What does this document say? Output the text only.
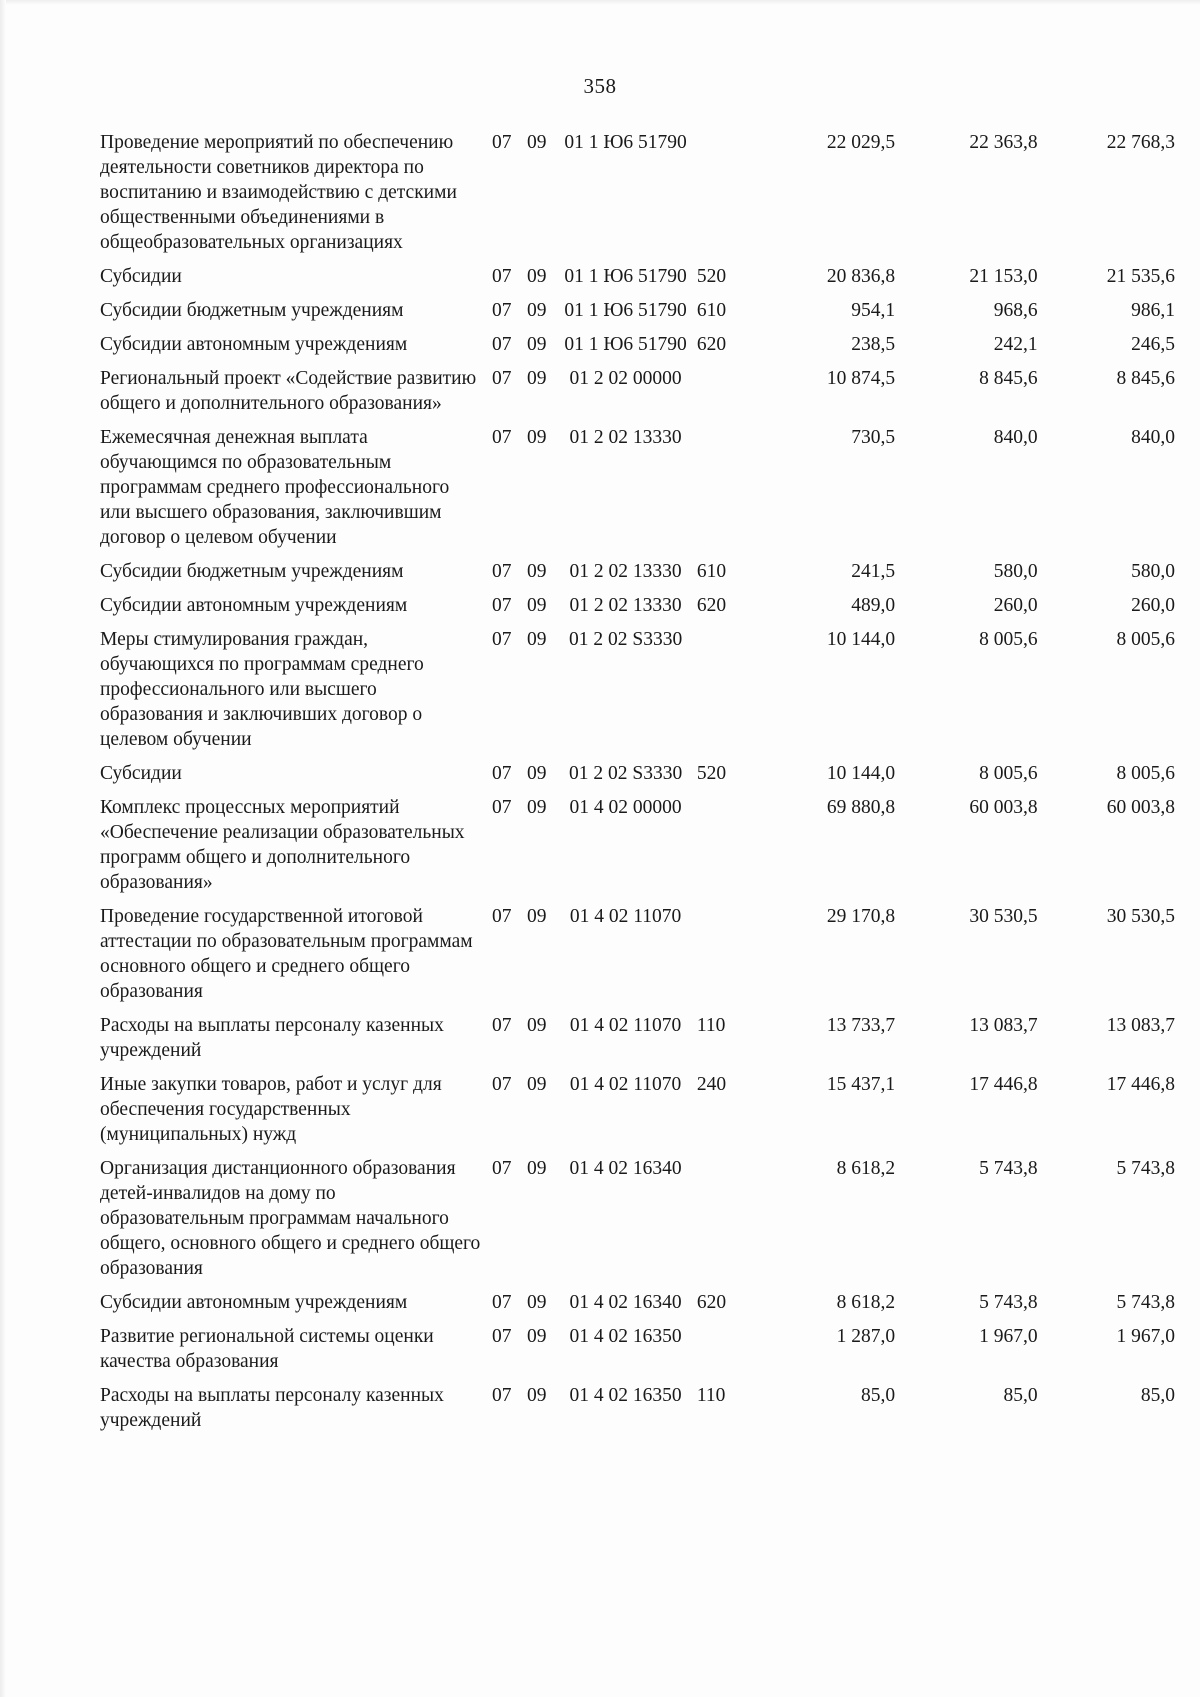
358
Проведение мероприятий по обеспечению деятельности советников директора по воспитанию и взаимодействию с детскими общественными объединениями в общеобразовательных организациях	07	09	01 1 Ю6 51790		22 029,5	22 363,8	22 768,3
Субсидии	07	09	01 1 Ю6 51790	520	20 836,8	21 153,0	21 535,6
Субсидии бюджетным учреждениям	07	09	01 1 Ю6 51790	610	954,1	968,6	986,1
Субсидии автономным учреждениям	07	09	01 1 Ю6 51790	620	238,5	242,1	246,5
Региональный проект «Содействие развитию общего и дополнительного образования»	07	09	01 2 02 00000		10 874,5	8 845,6	8 845,6
Ежемесячная денежная выплата обучающимся по образовательным программам среднего профессионального или высшего образования, заключившим договор о целевом обучении	07	09	01 2 02 13330		730,5	840,0	840,0
Субсидии бюджетным учреждениям	07	09	01 2 02 13330	610	241,5	580,0	580,0
Субсидии автономным учреждениям	07	09	01 2 02 13330	620	489,0	260,0	260,0
Меры стимулирования граждан, обучающихся по программам среднего профессионального или высшего образования и заключивших договор о целевом обучении	07	09	01 2 02 S3330		10 144,0	8 005,6	8 005,6
Субсидии	07	09	01 2 02 S3330	520	10 144,0	8 005,6	8 005,6
Комплекс процессных мероприятий «Обеспечение реализации образовательных программ общего и дополнительного образования»	07	09	01 4 02 00000		69 880,8	60 003,8	60 003,8
Проведение государственной итоговой аттестации по образовательным программам основного общего и среднего общего образования	07	09	01 4 02 11070		29 170,8	30 530,5	30 530,5
Расходы на выплаты персоналу казенных учреждений	07	09	01 4 02 11070	110	13 733,7	13 083,7	13 083,7
Иные закупки товаров, работ и услуг для обеспечения государственных (муниципальных) нужд	07	09	01 4 02 11070	240	15 437,1	17 446,8	17 446,8
Организация дистанционного образования детей-инвалидов на дому по образовательным программам начального общего, основного общего и среднего общего образования	07	09	01 4 02 16340		8 618,2	5 743,8	5 743,8
Субсидии автономным учреждениям	07	09	01 4 02 16340	620	8 618,2	5 743,8	5 743,8
Развитие региональной системы оценки качества образования	07	09	01 4 02 16350		1 287,0	1 967,0	1 967,0
Расходы на выплаты персоналу казенных учреждений	07	09	01 4 02 16350	110	85,0	85,0	85,0
